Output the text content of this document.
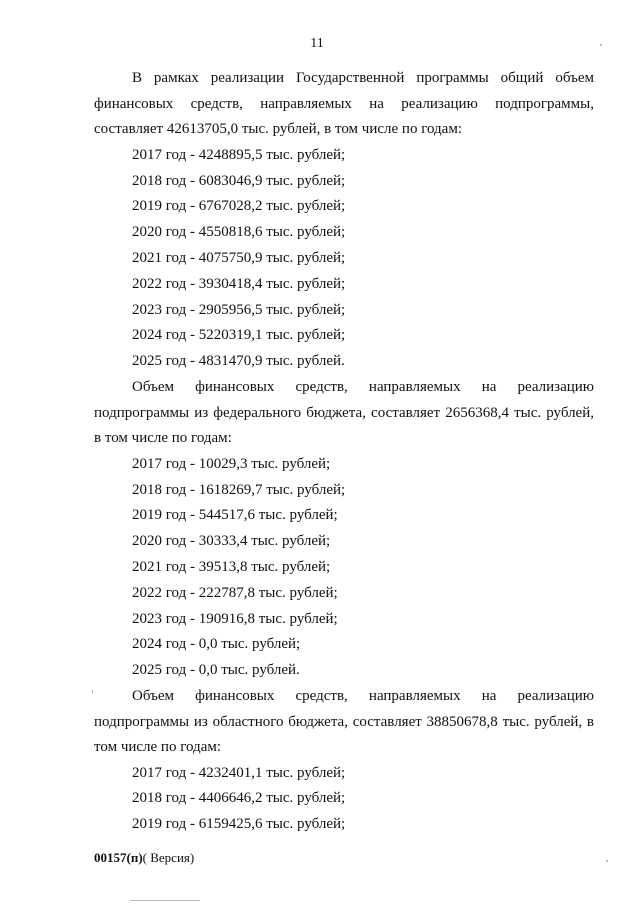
11

В рамках реализации Государственной программы общий объем финансовых средств, направляемых на реализацию подпрограммы, составляет 42613705,0 тыс. рублей, в том числе по годам:

2017 год - 4248895,5 тыс. рублей;
2018 год - 6083046,9 тыс. рублей;
2019 год - 6767028,2 тыс. рублей;
2020 год - 4550818,6 тыс. рублей;
2021 год - 4075750,9 тыс. рублей;
2022 год - 3930418,4 тыс. рублей;
2023 год - 2905956,5 тыс. рублей;
2024 год - 5220319,1 тыс. рублей;
2025 год - 4831470,9 тыс. рублей.

Объем финансовых средств, направляемых на реализацию подпрограммы из федерального бюджета, составляет 2656368,4 тыс. рублей, в том числе по годам:

2017 год - 10029,3 тыс. рублей;
2018 год - 1618269,7 тыс. рублей;
2019 год - 544517,6 тыс. рублей;
2020 год - 30333,4 тыс. рублей;
2021 год - 39513,8 тыс. рублей;
2022 год - 222787,8 тыс. рублей;
2023 год - 190916,8 тыс. рублей;
2024 год - 0,0 тыс. рублей;
2025 год - 0,0 тыс. рублей.

Объем финансовых средств, направляемых на реализацию подпрограммы из областного бюджета, составляет 38850678,8 тыс. рублей, в том числе по годам:

2017 год - 4232401,1 тыс. рублей;
2018 год - 4406646,2 тыс. рублей;
2019 год - 6159425,6 тыс. рублей;
00157(п)( Версия)
